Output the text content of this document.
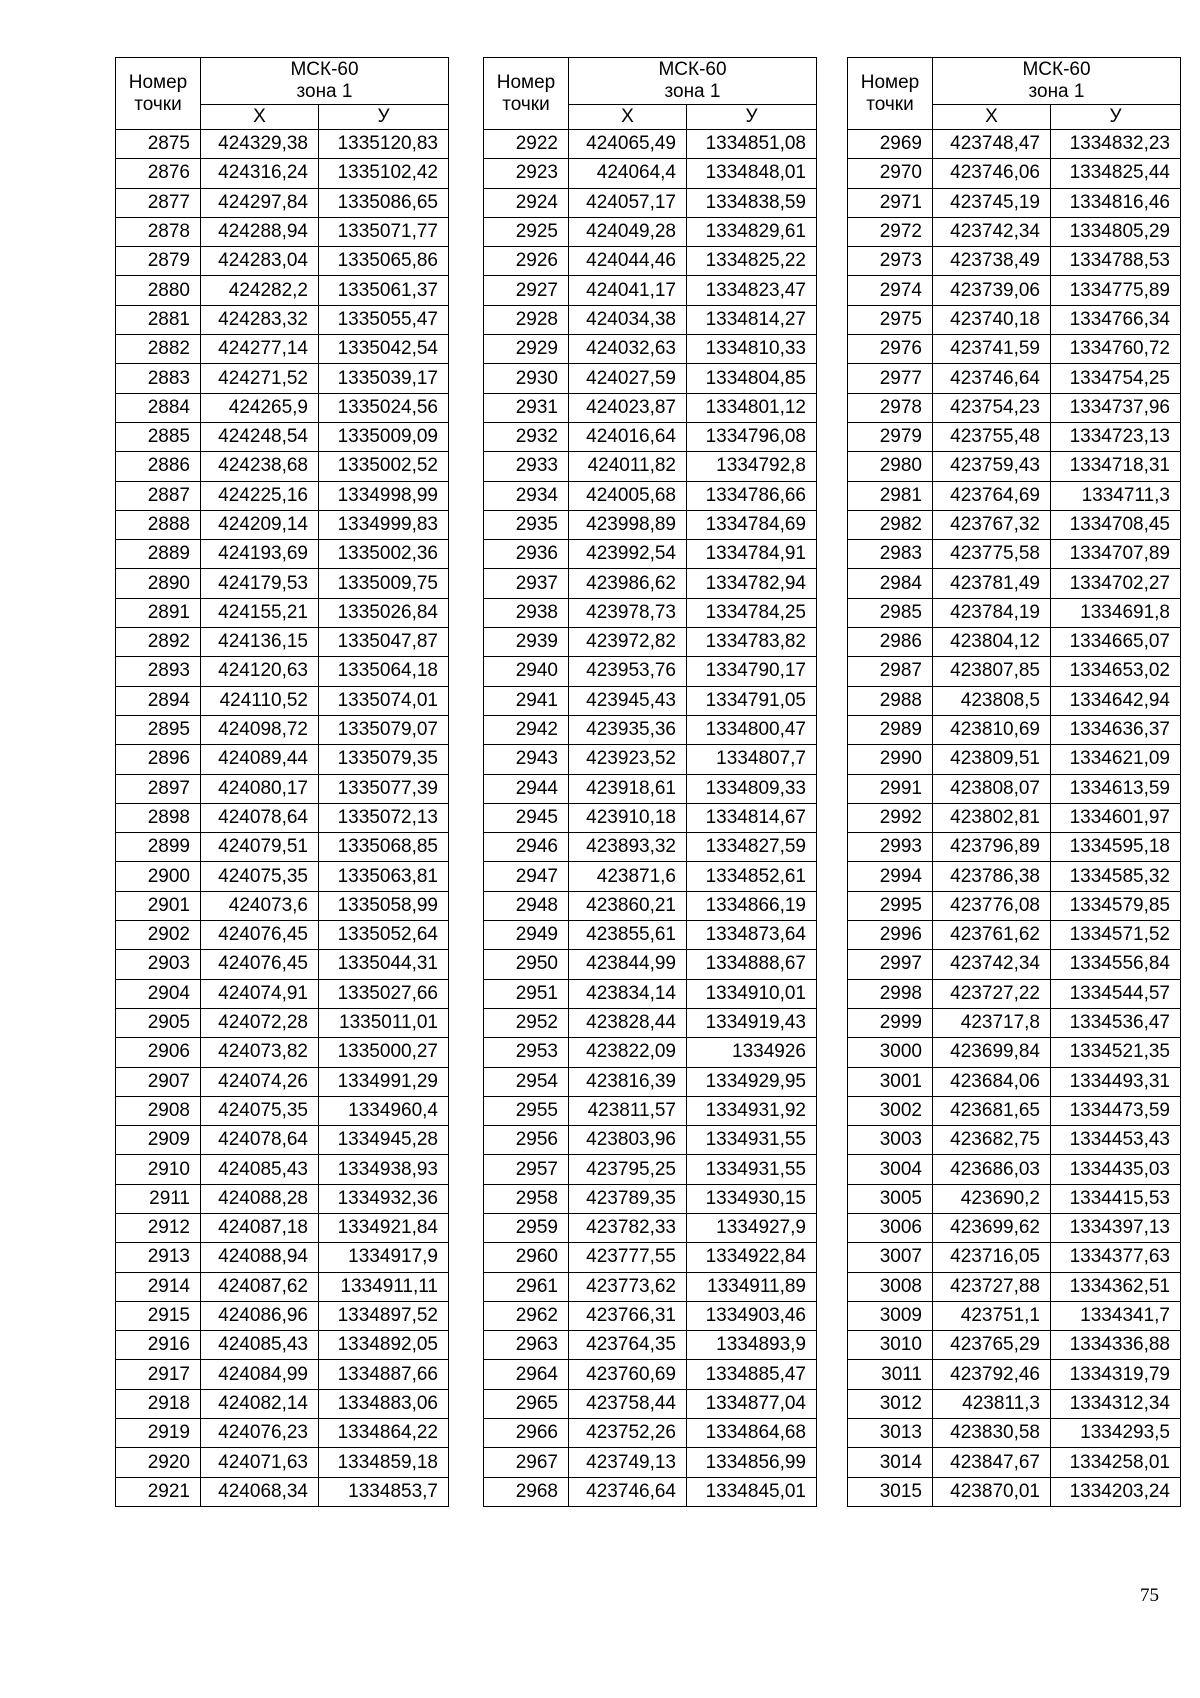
Номер точки	МСК-60
зона 1	
	X	У
2875	424329,38	1335120,83
2876	424316,24	1335102,42
2877	424297,84	1335086,65
2878	424288,94	1335071,77
2879	424283,04	1335065,86
2880	424282,2	1335061,37
2881	424283,32	1335055,47
2882	424277,14	1335042,54
2883	424271,52	1335039,17
2884	424265,9	1335024,56
2885	424248,54	1335009,09
2886	424238,68	1335002,52
2887	424225,16	1334998,99
2888	424209,14	1334999,83
2889	424193,69	1335002,36
2890	424179,53	1335009,75
2891	424155,21	1335026,84
2892	424136,15	1335047,87
2893	424120,63	1335064,18
2894	424110,52	1335074,01
2895	424098,72	1335079,07
2896	424089,44	1335079,35
2897	424080,17	1335077,39
2898	424078,64	1335072,13
2899	424079,51	1335068,85
2900	424075,35	1335063,81
2901	424073,6	1335058,99
2902	424076,45	1335052,64
2903	424076,45	1335044,31
2904	424074,91	1335027,66
2905	424072,28	1335011,01
2906	424073,82	1335000,27
2907	424074,26	1334991,29
2908	424075,35	1334960,4
2909	424078,64	1334945,28
2910	424085,43	1334938,93
2911	424088,28	1334932,36
2912	424087,18	1334921,84
2913	424088,94	1334917,9
2914	424087,62	1334911,11
2915	424086,96	1334897,52
2916	424085,43	1334892,05
2917	424084,99	1334887,66
2918	424082,14	1334883,06
2919	424076,23	1334864,22
2920	424071,63	1334859,18
2921	424068,34	1334853,7
Номер точки	МСК-60
зона 1	
	X	У
2922	424065,49	1334851,08
2923	424064,4	1334848,01
2924	424057,17	1334838,59
2925	424049,28	1334829,61
2926	424044,46	1334825,22
2927	424041,17	1334823,47
2928	424034,38	1334814,27
2929	424032,63	1334810,33
2930	424027,59	1334804,85
2931	424023,87	1334801,12
2932	424016,64	1334796,08
2933	424011,82	1334792,8
2934	424005,68	1334786,66
2935	423998,89	1334784,69
2936	423992,54	1334784,91
2937	423986,62	1334782,94
2938	423978,73	1334784,25
2939	423972,82	1334783,82
2940	423953,76	1334790,17
2941	423945,43	1334791,05
2942	423935,36	1334800,47
2943	423923,52	1334807,7
2944	423918,61	1334809,33
2945	423910,18	1334814,67
2946	423893,32	1334827,59
2947	423871,6	1334852,61
2948	423860,21	1334866,19
2949	423855,61	1334873,64
2950	423844,99	1334888,67
2951	423834,14	1334910,01
2952	423828,44	1334919,43
2953	423822,09	1334926
2954	423816,39	1334929,95
2955	423811,57	1334931,92
2956	423803,96	1334931,55
2957	423795,25	1334931,55
2958	423789,35	1334930,15
2959	423782,33	1334927,9
2960	423777,55	1334922,84
2961	423773,62	1334911,89
2962	423766,31	1334903,46
2963	423764,35	1334893,9
2964	423760,69	1334885,47
2965	423758,44	1334877,04
2966	423752,26	1334864,68
2967	423749,13	1334856,99
2968	423746,64	1334845,01
Номер точки	МСК-60
зона 1	
	X	У
2969	423748,47	1334832,23
2970	423746,06	1334825,44
2971	423745,19	1334816,46
2972	423742,34	1334805,29
2973	423738,49	1334788,53
2974	423739,06	1334775,89
2975	423740,18	1334766,34
2976	423741,59	1334760,72
2977	423746,64	1334754,25
2978	423754,23	1334737,96
2979	423755,48	1334723,13
2980	423759,43	1334718,31
2981	423764,69	1334711,3
2982	423767,32	1334708,45
2983	423775,58	1334707,89
2984	423781,49	1334702,27
2985	423784,19	1334691,8
2986	423804,12	1334665,07
2987	423807,85	1334653,02
2988	423808,5	1334642,94
2989	423810,69	1334636,37
2990	423809,51	1334621,09
2991	423808,07	1334613,59
2992	423802,81	1334601,97
2993	423796,89	1334595,18
2994	423786,38	1334585,32
2995	423776,08	1334579,85
2996	423761,62	1334571,52
2997	423742,34	1334556,84
2998	423727,22	1334544,57
2999	423717,8	1334536,47
3000	423699,84	1334521,35
3001	423684,06	1334493,31
3002	423681,65	1334473,59
3003	423682,75	1334453,43
3004	423686,03	1334435,03
3005	423690,2	1334415,53
3006	423699,62	1334397,13
3007	423716,05	1334377,63
3008	423727,88	1334362,51
3009	423751,1	1334341,7
3010	423765,29	1334336,88
3011	423792,46	1334319,79
3012	423811,3	1334312,34
3013	423830,58	1334293,5
3014	423847,67	1334258,01
3015	423870,01	1334203,24
75
